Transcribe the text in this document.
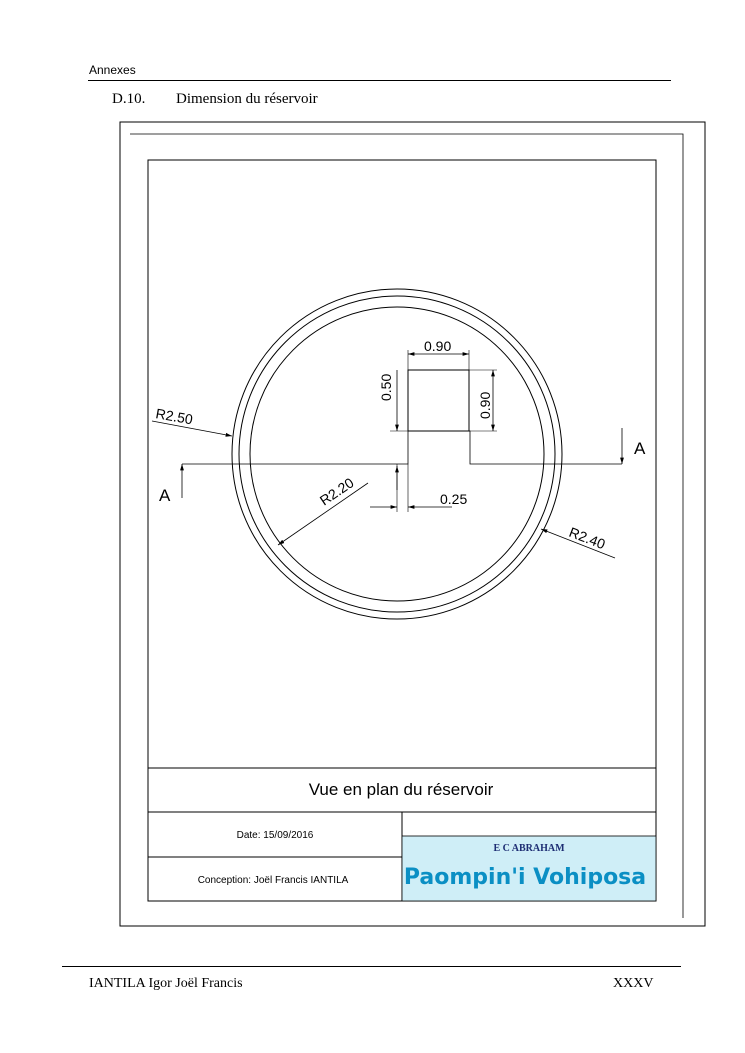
Annexes
D.10. Dimension du réservoir
A
A
0.90
0.90
0.50
0.25
R2.50
R2.40
R2.20
Vue en plan du réservoir
Date: 15/09/2016
Conception: Joël Francis IANTILA
E C ABRAHAM
Paompin'i Vohiposa
IANTILA Igor Joël Francis	XXXV
